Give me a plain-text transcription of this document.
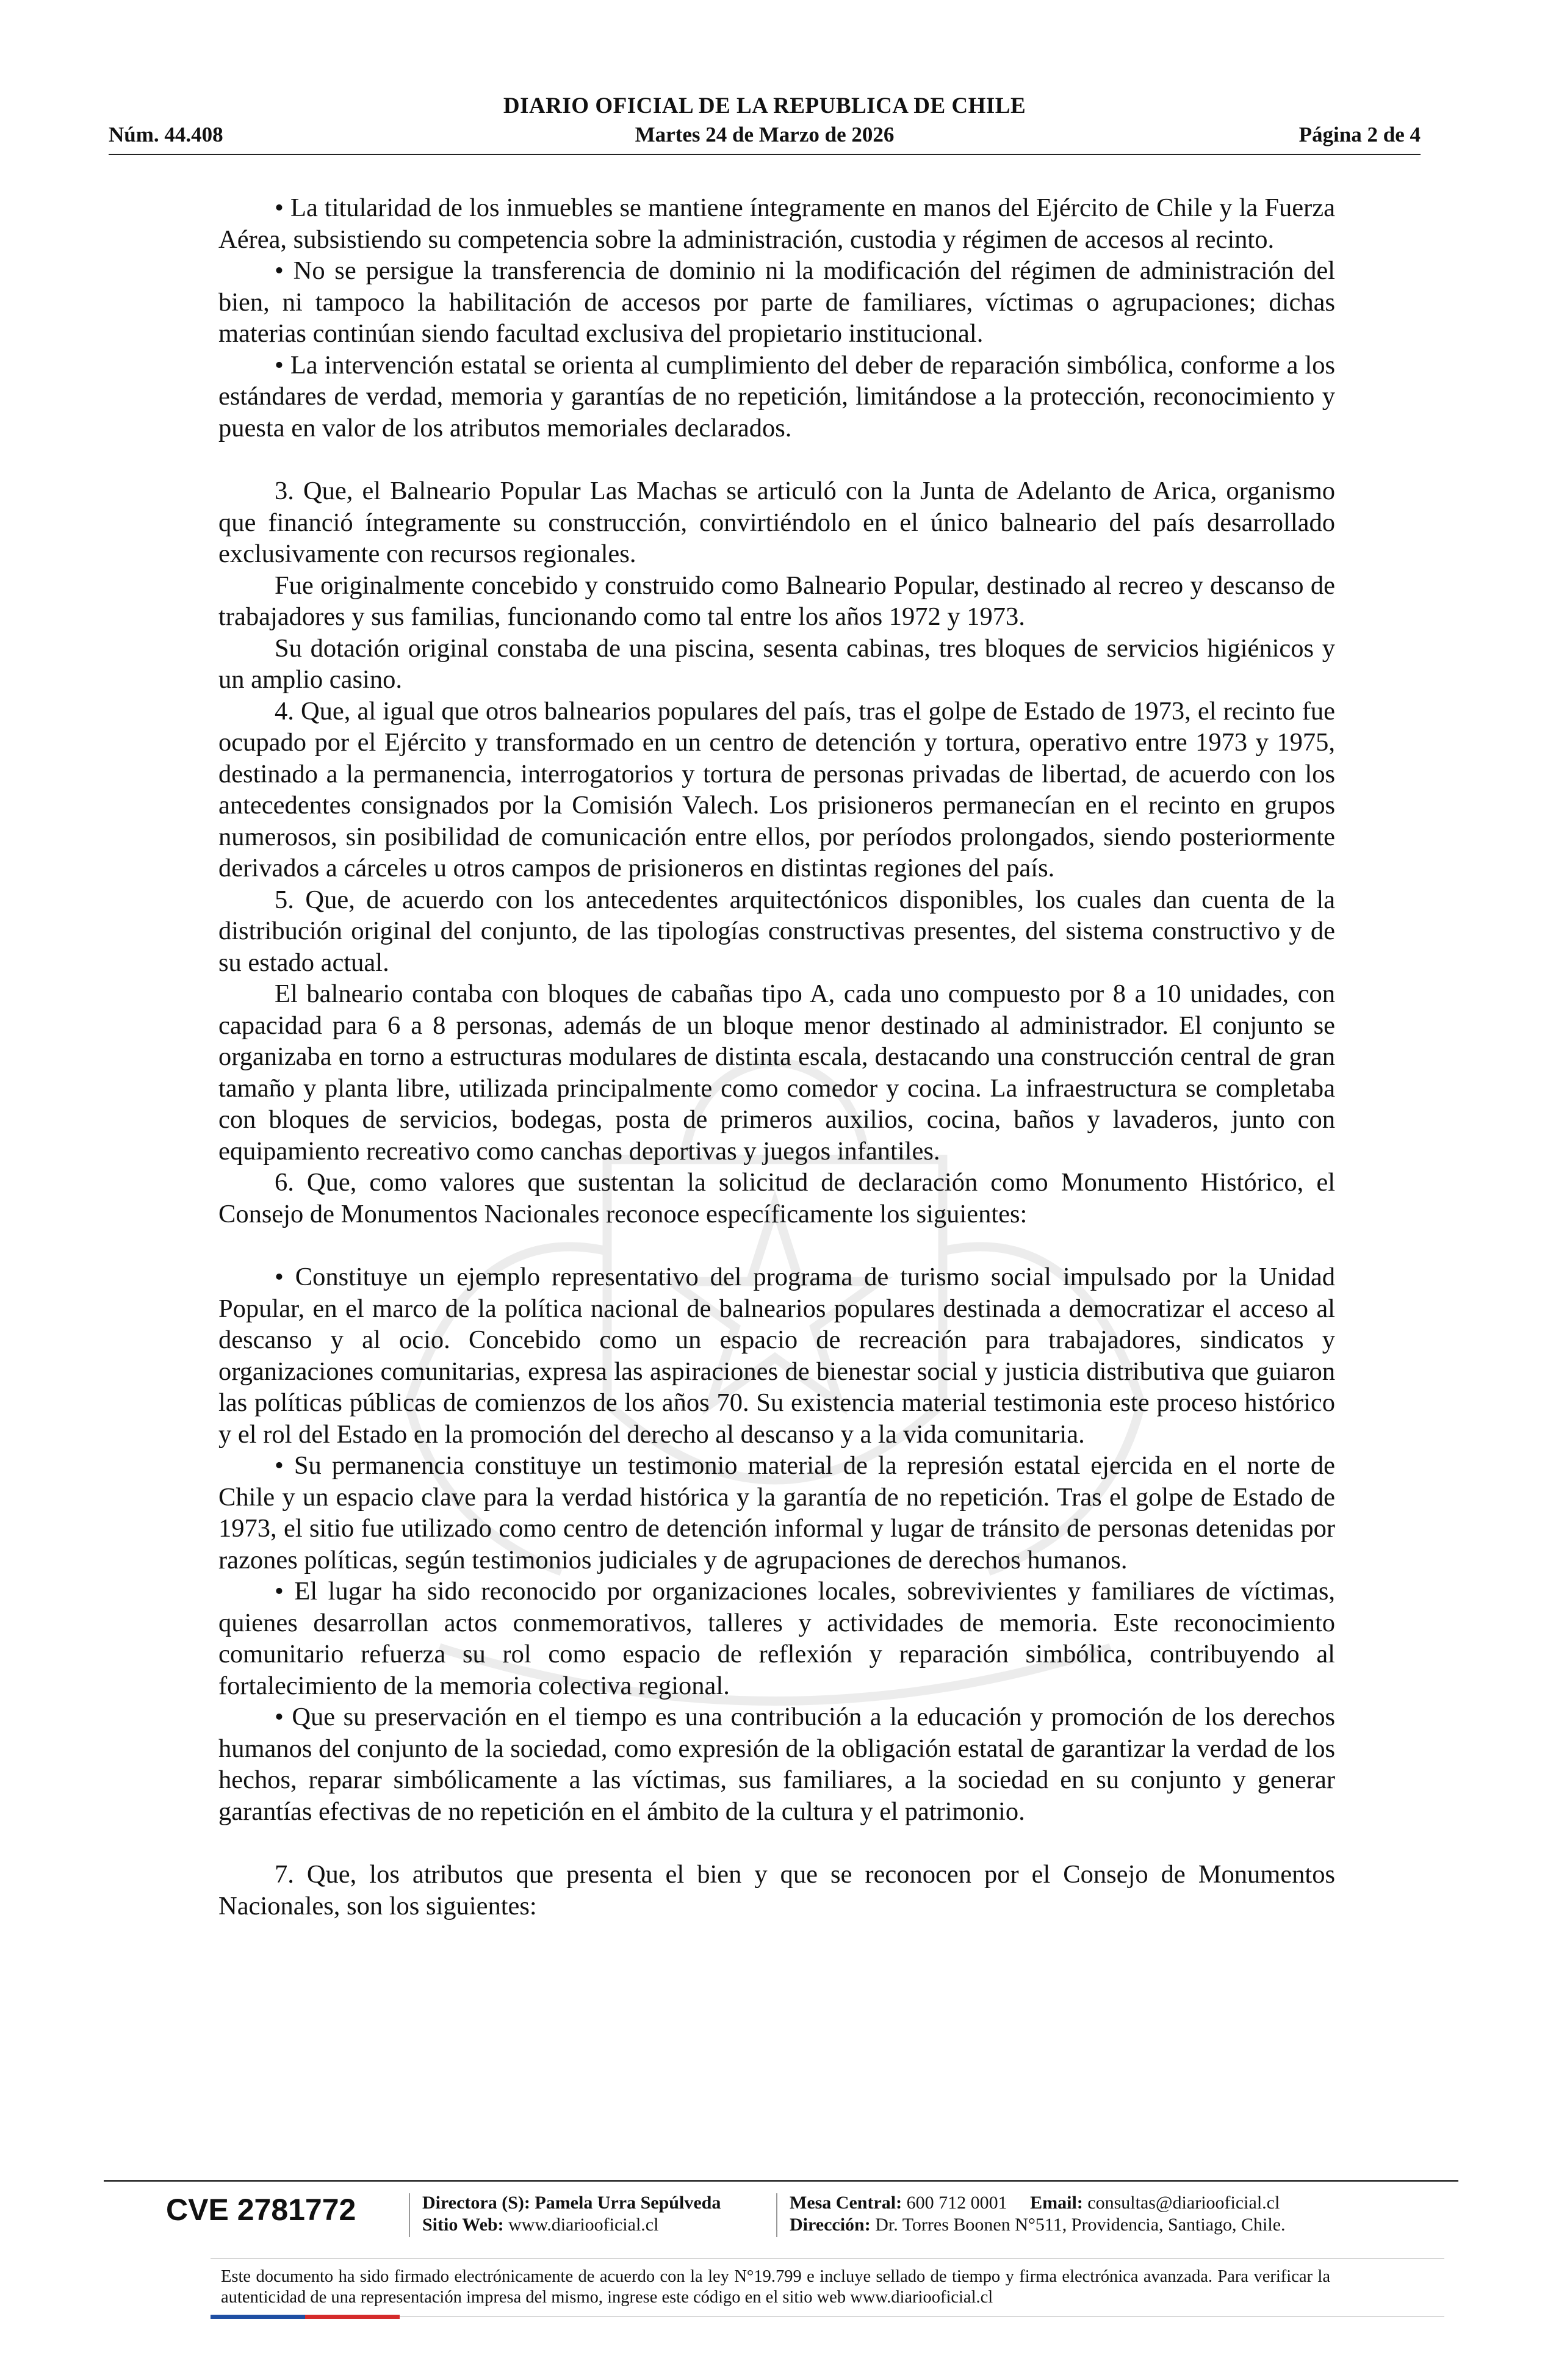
DIARIO OFICIAL DE LA REPUBLICA DE CHILE
Núm. 44.408	Martes 24 de Marzo de 2026	Página 2 de 4

• La titularidad de los inmuebles se mantiene íntegramente en manos del Ejército de Chile y la Fuerza Aérea, subsistiendo su competencia sobre la administración, custodia y régimen de accesos al recinto.

• No se persigue la transferencia de dominio ni la modificación del régimen de administración del bien, ni tampoco la habilitación de accesos por parte de familiares, víctimas o agrupaciones; dichas materias continúan siendo facultad exclusiva del propietario institucional.

• La intervención estatal se orienta al cumplimiento del deber de reparación simbólica, conforme a los estándares de verdad, memoria y garantías de no repetición, limitándose a la protección, reconocimiento y puesta en valor de los atributos memoriales declarados.

3. Que, el Balneario Popular Las Machas se articuló con la Junta de Adelanto de Arica, organismo que financió íntegramente su construcción, convirtiéndolo en el único balneario del país desarrollado exclusivamente con recursos regionales.

Fue originalmente concebido y construido como Balneario Popular, destinado al recreo y descanso de trabajadores y sus familias, funcionando como tal entre los años 1972 y 1973.

Su dotación original constaba de una piscina, sesenta cabinas, tres bloques de servicios higiénicos y un amplio casino.

4. Que, al igual que otros balnearios populares del país, tras el golpe de Estado de 1973, el recinto fue ocupado por el Ejército y transformado en un centro de detención y tortura, operativo entre 1973 y 1975, destinado a la permanencia, interrogatorios y tortura de personas privadas de libertad, de acuerdo con los antecedentes consignados por la Comisión Valech. Los prisioneros permanecían en el recinto en grupos numerosos, sin posibilidad de comunicación entre ellos, por períodos prolongados, siendo posteriormente derivados a cárceles u otros campos de prisioneros en distintas regiones del país.

5. Que, de acuerdo con los antecedentes arquitectónicos disponibles, los cuales dan cuenta de la distribución original del conjunto, de las tipologías constructivas presentes, del sistema constructivo y de su estado actual.

El balneario contaba con bloques de cabañas tipo A, cada uno compuesto por 8 a 10 unidades, con capacidad para 6 a 8 personas, además de un bloque menor destinado al administrador. El conjunto se organizaba en torno a estructuras modulares de distinta escala, destacando una construcción central de gran tamaño y planta libre, utilizada principalmente como comedor y cocina. La infraestructura se completaba con bloques de servicios, bodegas, posta de primeros auxilios, cocina, baños y lavaderos, junto con equipamiento recreativo como canchas deportivas y juegos infantiles.

6. Que, como valores que sustentan la solicitud de declaración como Monumento Histórico, el Consejo de Monumentos Nacionales reconoce específicamente los siguientes:

• Constituye un ejemplo representativo del programa de turismo social impulsado por la Unidad Popular, en el marco de la política nacional de balnearios populares destinada a democratizar el acceso al descanso y al ocio. Concebido como un espacio de recreación para trabajadores, sindicatos y organizaciones comunitarias, expresa las aspiraciones de bienestar social y justicia distributiva que guiaron las políticas públicas de comienzos de los años 70. Su existencia material testimonia este proceso histórico y el rol del Estado en la promoción del derecho al descanso y a la vida comunitaria.

• Su permanencia constituye un testimonio material de la represión estatal ejercida en el norte de Chile y un espacio clave para la verdad histórica y la garantía de no repetición. Tras el golpe de Estado de 1973, el sitio fue utilizado como centro de detención informal y lugar de tránsito de personas detenidas por razones políticas, según testimonios judiciales y de agrupaciones de derechos humanos.

• El lugar ha sido reconocido por organizaciones locales, sobrevivientes y familiares de víctimas, quienes desarrollan actos conmemorativos, talleres y actividades de memoria. Este reconocimiento comunitario refuerza su rol como espacio de reflexión y reparación simbólica, contribuyendo al fortalecimiento de la memoria colectiva regional.

• Que su preservación en el tiempo es una contribución a la educación y promoción de los derechos humanos del conjunto de la sociedad, como expresión de la obligación estatal de garantizar la verdad de los hechos, reparar simbólicamente a las víctimas, sus familiares, a la sociedad en su conjunto y generar garantías efectivas de no repetición en el ámbito de la cultura y el patrimonio.

7. Que, los atributos que presenta el bien y que se reconocen por el Consejo de Monumentos Nacionales, son los siguientes:

CVE 2781772	Directora (S): Pamela Urra Sepúlveda
Sitio Web: www.diariooficial.cl
Mesa Central: 600 712 0001 Email: consultas@diariooficial.cl
Dirección: Dr. Torres Boonen N°511, Providencia, Santiago, Chile.
Este documento ha sido firmado electrónicamente de acuerdo con la ley N°19.799 e incluye sellado de tiempo y firma electrónica avanzada. Para verificar la autenticidad de una representación impresa del mismo, ingrese este código en el sitio web www.diariooficial.cl
